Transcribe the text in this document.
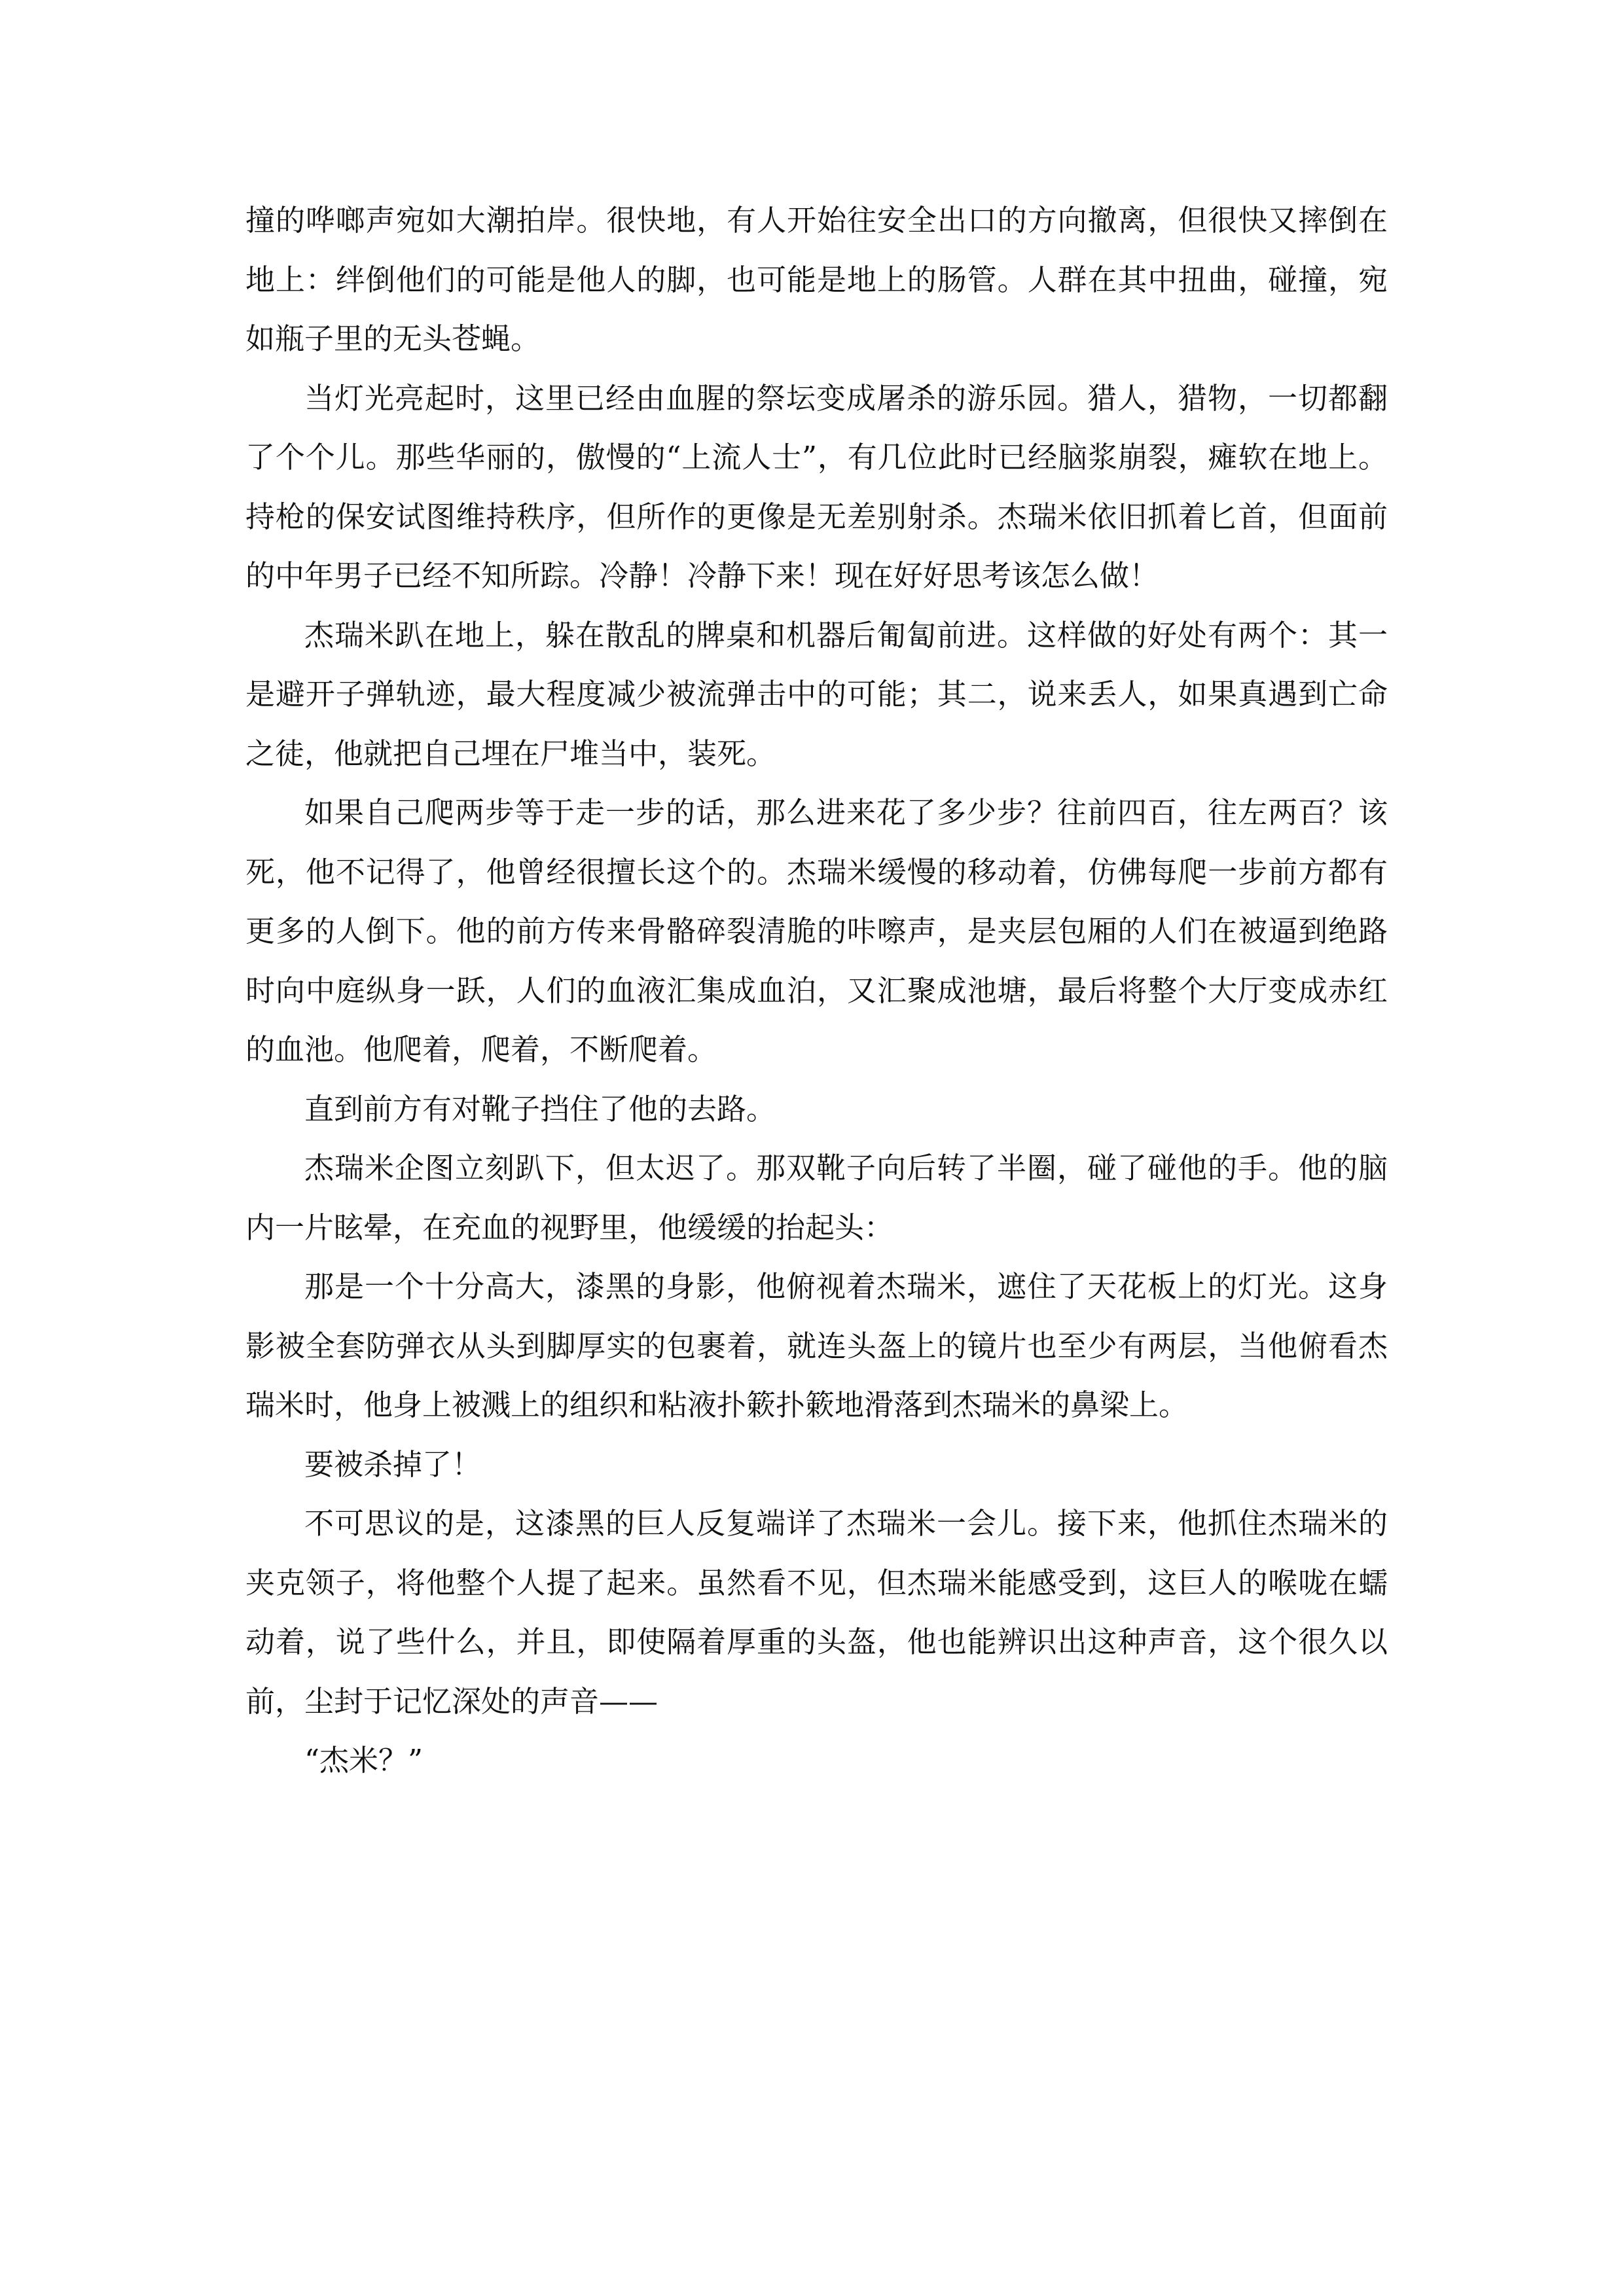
撞的哗啷声宛如大潮拍岸。很快地，有人开始往安全出口的方向撤离，但很快又摔倒在地上：绊倒他们的可能是他人的脚，也可能是地上的肠管。人群在其中扭曲，碰撞，宛如瓶子里的无头苍蝇。

当灯光亮起时，这里已经由血腥的祭坛变成屠杀的游乐园。猎人，猎物，一切都翻了个个儿。那些华丽的，傲慢的“上流人士”，有几位此时已经脑浆崩裂，瘫软在地上。持枪的保安试图维持秩序，但所作的更像是无差别射杀。杰瑞米依旧抓着匕首，但面前的中年男子已经不知所踪。冷静！冷静下来！现在好好思考该怎么做！

杰瑞米趴在地上，躲在散乱的牌桌和机器后匍匐前进。这样做的好处有两个：其一是避开子弹轨迹，最大程度减少被流弹击中的可能；其二，说来丢人，如果真遇到亡命之徒，他就把自己埋在尸堆当中，装死。

如果自己爬两步等于走一步的话，那么进来花了多少步？往前四百，往左两百？该死，他不记得了，他曾经很擅长这个的。杰瑞米缓慢的移动着，仿佛每爬一步前方都有更多的人倒下。他的前方传来骨骼碎裂清脆的咔嚓声，是夹层包厢的人们在被逼到绝路时向中庭纵身一跃，人们的血液汇集成血泊，又汇聚成池塘，最后将整个大厅变成赤红的血池。他爬着，爬着，不断爬着。

直到前方有对靴子挡住了他的去路。

杰瑞米企图立刻趴下，但太迟了。那双靴子向后转了半圈，碰了碰他的手。他的脑内一片眩晕，在充血的视野里，他缓缓的抬起头：

那是一个十分高大，漆黑的身影，他俯视着杰瑞米，遮住了天花板上的灯光。这身影被全套防弹衣从头到脚厚实的包裹着，就连头盔上的镜片也至少有两层，当他俯看杰瑞米时，他身上被溅上的组织和粘液扑簌扑簌地滑落到杰瑞米的鼻梁上。

要被杀掉了！

不可思议的是，这漆黑的巨人反复端详了杰瑞米一会儿。接下来，他抓住杰瑞米的夹克领子，将他整个人提了起来。虽然看不见，但杰瑞米能感受到，这巨人的喉咙在蠕动着，说了些什么，并且，即使隔着厚重的头盔，他也能辨识出这种声音，这个很久以前，尘封于记忆深处的声音——

“杰米？”
